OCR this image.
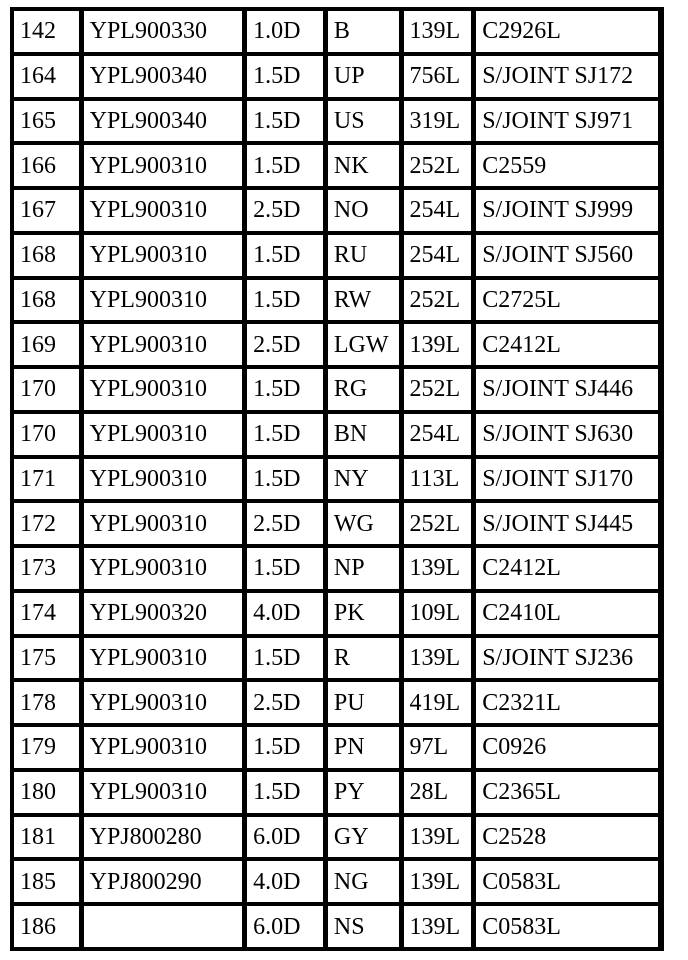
142	YPL900330	1.0D	B	139L	C2926L
164	YPL900340	1.5D	UP	756L	S/JOINT SJ172
165	YPL900340	1.5D	US	319L	S/JOINT SJ971
166	YPL900310	1.5D	NK	252L	C2559
167	YPL900310	2.5D	NO	254L	S/JOINT SJ999
168	YPL900310	1.5D	RU	254L	S/JOINT SJ560
168	YPL900310	1.5D	RW	252L	C2725L
169	YPL900310	2.5D	LGW	139L	C2412L
170	YPL900310	1.5D	RG	252L	S/JOINT SJ446
170	YPL900310	1.5D	BN	254L	S/JOINT SJ630
171	YPL900310	1.5D	NY	113L	S/JOINT SJ170
172	YPL900310	2.5D	WG	252L	S/JOINT SJ445
173	YPL900310	1.5D	NP	139L	C2412L
174	YPL900320	4.0D	PK	109L	C2410L
175	YPL900310	1.5D	R	139L	S/JOINT SJ236
178	YPL900310	2.5D	PU	419L	C2321L
179	YPL900310	1.5D	PN	97L	C0926
180	YPL900310	1.5D	PY	28L	C2365L
181	YPJ800280	6.0D	GY	139L	C2528
185	YPJ800290	4.0D	NG	139L	C0583L
186		6.0D	NS	139L	C0583L
